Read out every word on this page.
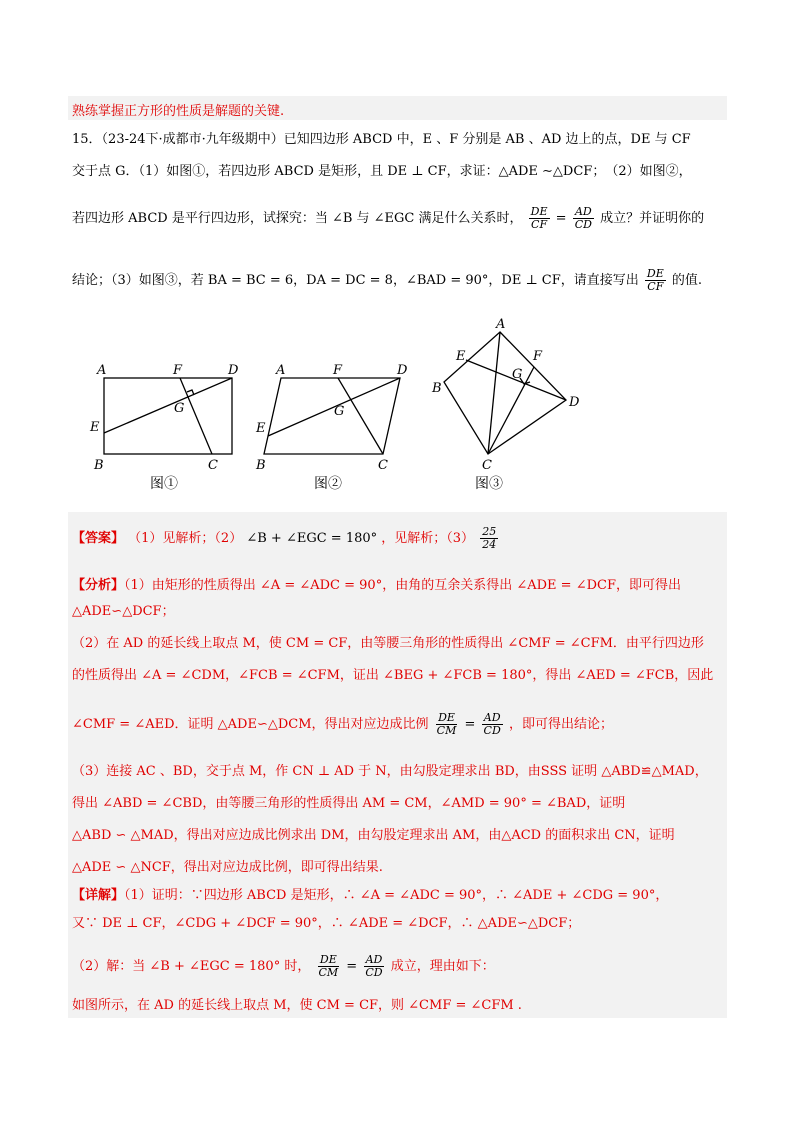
熟练掌握正方形的性质是解题的关键.
15．（23-24下·成都市·九年级期中）已知四边形 ABCD 中，E 、F 分别是 AB 、AD 边上的点，DE 与 CF
交于点 G．（1）如图①，若四边形 ABCD 是矩形，且 DE ⊥ CF，求证：△ADE ∼△DCF；　（2）如图②，
若四边形 ABCD 是平行四边形，试探究：当 ∠B 与 ∠EGC 满足什么关系时， $\frac{DE}{CF} = \frac{AD}{CD}$ 成立？并证明你的
结论；（3）如图③，若 BA = BC = 6，DA = DC = 8，∠BAD = 90°，DE ⊥ CF，请直接写出 $\frac{DE}{CF}$ 的值.
A	F	D
G
E
B	C
图①
A	F	D
G
E
B	C
图②
A
E	F
G
B
D
C
图③
【答案】 （1）见解析；（2） ∠B + ∠EGC = 180° ，见解析；$(3) \frac{25}{24}$
【分析】（1）由矩形的性质得出 ∠A = ∠ADC = 90°，由角的互余关系得出 ∠ADE = ∠DCF，即可得出
△ADE∽△DCF；
（2）在 AD 的延长线上取点 M，使 CM = CF，由等腰三角形的性质得出 ∠CMF = ∠CFM．由平行四边形
的性质得出 ∠A = ∠CDM，∠FCB = ∠CFM，证出 ∠BEG + ∠FCB = 180°，得出 ∠AED = ∠FCB，因此
∠CMF = ∠AED．证明 △ADE∽△DCM，得出对应边成比例 $\frac{DE}{CM} = \frac{AD}{CD}$ ，即可得出结论；
（3）连接 AC 、BD，交于点 M，作 CN ⊥ AD 于 N，由勾股定理求出 BD，由SSS 证明 △ABD≌△MAD，
得出 ∠ABD = ∠CBD，由等腰三角形的性质得出 AM = CM，∠AMD = 90° = ∠BAD，证明
△ABD ∽ △MAD，得出对应边成比例求出 DM，由勾股定理求出 AM，由△ACD 的面积求出 CN，证明
△ADE ∽ △NCF，得出对应边成比例，即可得出结果.
【详解】（1）证明：∵四边形 ABCD 是矩形，∴ ∠A = ∠ADC = 90°，∴ ∠ADE + ∠CDG = 90°，
又∵ DE ⊥ CF，∠CDG + ∠DCF = 90°，∴ ∠ADE = ∠DCF，∴ △ADE∽△DCF；
（2）解：当 ∠B + ∠EGC = 180° 时， $\frac{DE}{CM} = \frac{AD}{CD}$ 成立，理由如下：
如图所示，在 AD 的延长线上取点 M，使 CM = CF，则 ∠CMF = ∠CFM .
